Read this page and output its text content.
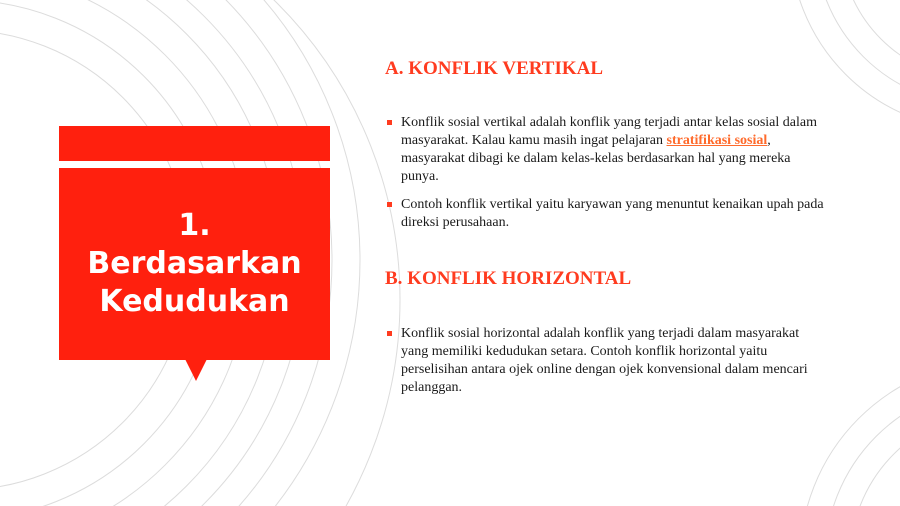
1. Berdasarkan Kedudukan
A. KONFLIK VERTIKAL
Konflik sosial vertikal adalah konflik yang terjadi antar kelas sosial dalam masyarakat. Kalau kamu masih ingat pelajaran stratifikasi sosial, masyarakat dibagi ke dalam kelas-kelas berdasarkan hal yang mereka punya.
Contoh konflik vertikal yaitu karyawan yang menuntut kenaikan upah pada direksi perusahaan.
B. KONFLIK HORIZONTAL
Konflik sosial horizontal adalah konflik yang terjadi dalam masyarakat yang memiliki kedudukan setara. Contoh konflik horizontal yaitu perselisihan antara ojek online dengan ojek konvensional dalam mencari pelanggan.
